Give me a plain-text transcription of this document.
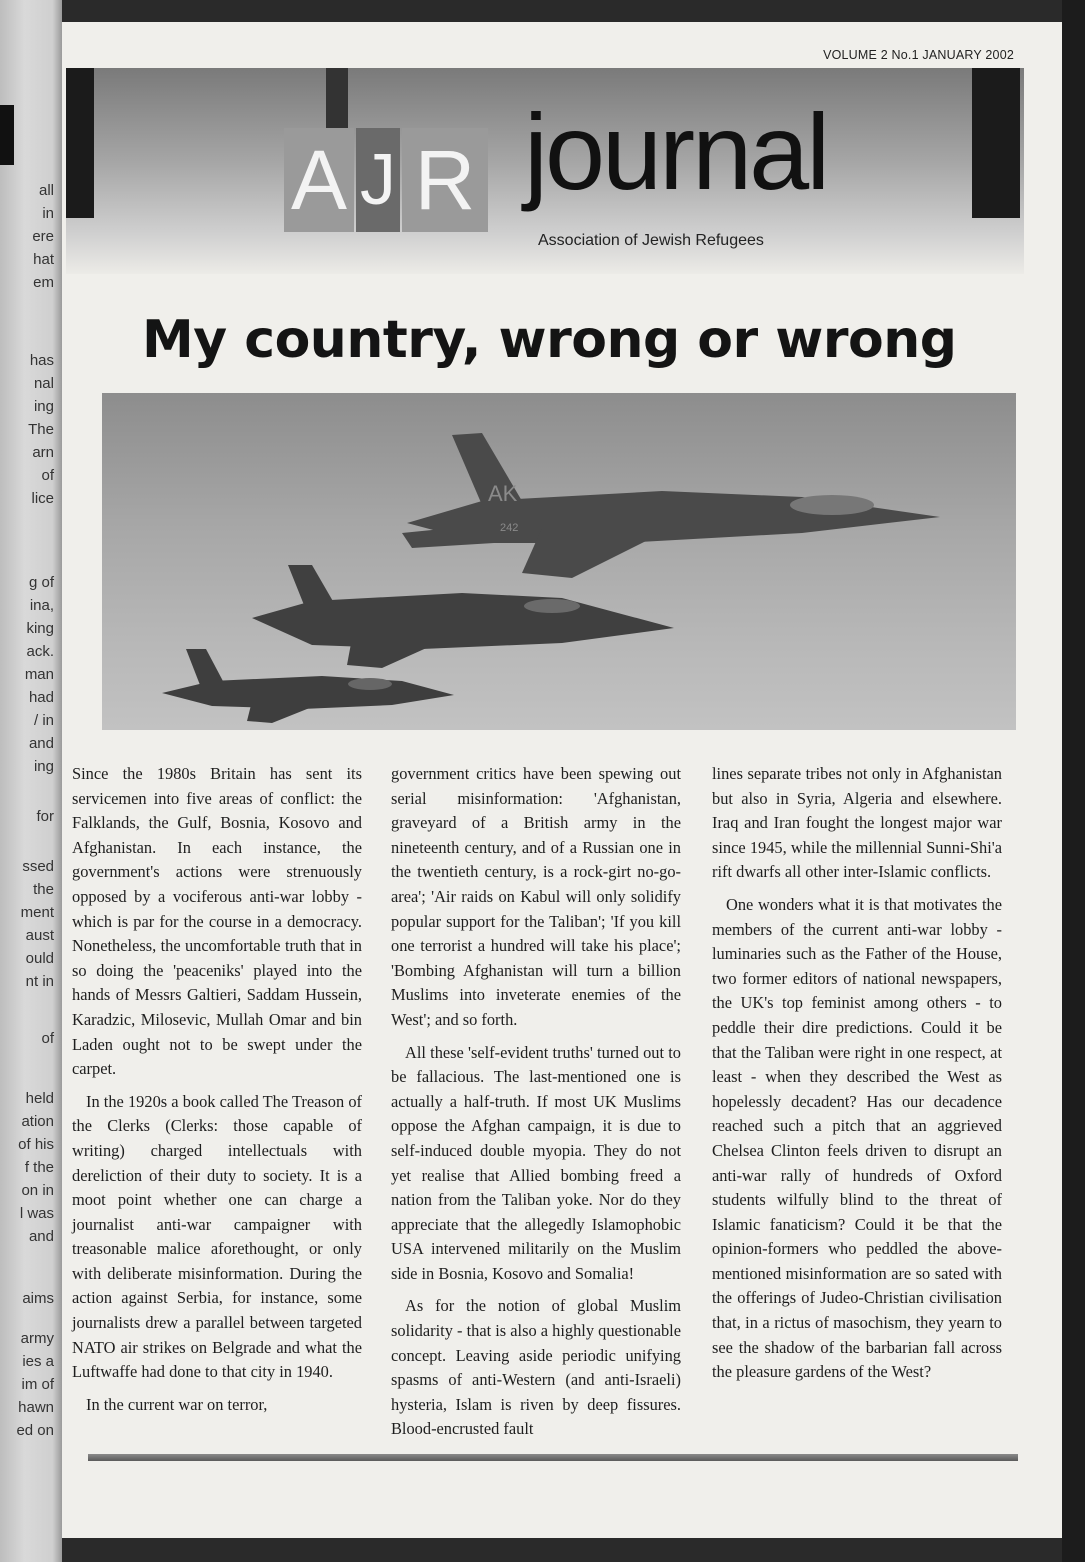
all
in
ere
hat
em
has
nal
ing
The
arn
of
lice
g of
ina,
king
ack.
man
had
/ in
and
ing
for
ssed
the
ment
aust
ould
nt in
of
held
ation
of his
f the
on in
l was
and
aims
army
ies a
im of
hawn
ed on
VOLUME 2 No.1 JANUARY 2002
A J R journal
Association of Jewish Refugees
My country, wrong or wrong
AK
242

Since the 1980s Britain has sent its servicemen into five areas of conflict: the Falklands, the Gulf, Bosnia, Kosovo and Afghanistan. In each instance, the government's actions were strenuously opposed by a vociferous anti-war lobby - which is par for the course in a democracy. Nonetheless, the uncomfortable truth that in so doing the 'peaceniks' played into the hands of Messrs Galtieri, Saddam Hussein, Karadzic, Milosevic, Mullah Omar and bin Laden ought not to be swept under the carpet.

In the 1920s a book called The Treason of the Clerks (Clerks: those capable of writing) charged intellectuals with dereliction of their duty to society. It is a moot point whether one can charge a journalist anti-war campaigner with treasonable malice aforethought, or only with deliberate misinformation. During the action against Serbia, for instance, some journalists drew a parallel between targeted NATO air strikes on Belgrade and what the Luftwaffe had done to that city in 1940.

In the current war on terror,

government critics have been spewing out serial misinformation: 'Afghanistan, graveyard of a British army in the nineteenth century, and of a Russian one in the twentieth century, is a rock-girt no-go-area'; 'Air raids on Kabul will only solidify popular support for the Taliban'; 'If you kill one terrorist a hundred will take his place'; 'Bombing Afghanistan will turn a billion Muslims into inveterate enemies of the West'; and so forth.

All these 'self-evident truths' turned out to be fallacious. The last-mentioned one is actually a half-truth. If most UK Muslims oppose the Afghan campaign, it is due to self-induced double myopia. They do not yet realise that Allied bombing freed a nation from the Taliban yoke. Nor do they appreciate that the allegedly Islamophobic USA intervened militarily on the Muslim side in Bosnia, Kosovo and Somalia!

As for the notion of global Muslim solidarity - that is also a highly questionable concept. Leaving aside periodic unifying spasms of anti-Western (and anti-Israeli) hysteria, Islam is riven by deep fissures. Blood-encrusted fault

lines separate tribes not only in Afghanistan but also in Syria, Algeria and elsewhere. Iraq and Iran fought the longest major war since 1945, while the millennial Sunni-Shi'a rift dwarfs all other inter-Islamic conflicts.

One wonders what it is that motivates the members of the current anti-war lobby - luminaries such as the Father of the House, two former editors of national newspapers, the UK's top feminist among others - to peddle their dire predictions. Could it be that the Taliban were right in one respect, at least - when they described the West as hopelessly decadent? Has our decadence reached such a pitch that an aggrieved Chelsea Clinton feels driven to disrupt an anti-war rally of hundreds of Oxford students wilfully blind to the threat of Islamic fanaticism? Could it be that the opinion-formers who peddled the above-mentioned misinformation are so sated with the offerings of Judeo-Christian civilisation that, in a rictus of masochism, they yearn to see the shadow of the barbarian fall across the pleasure gardens of the West?
